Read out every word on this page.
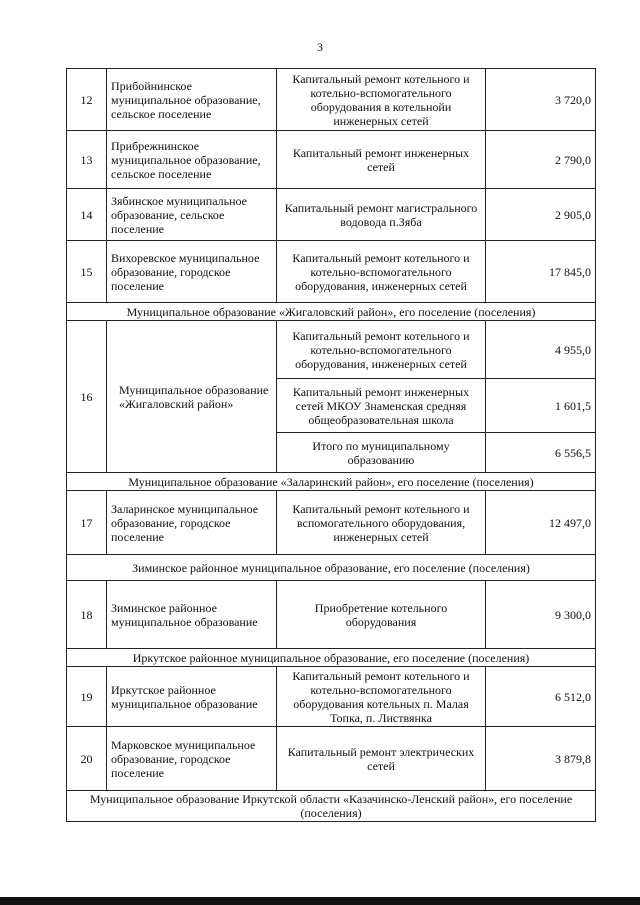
3
12	Прибойнинское муниципальное образование, сельское поселение	Капитальный ремонт котельного и котельно-вспомогательного оборудования в котельнойи инженерных сетей	3 720,0
13	Прибрежнинское муниципальное образование, сельское поселение	Капитальный ремонт инженерных сетей	2 790,0
14	Зябинское муниципальное образование, сельское поселение	Капитальный ремонт магистрального водовода п.Зяба	2 905,0
15	Вихоревское муниципальное образование, городское поселение	Капитальный ремонт котельного и котельно-вспомогательного оборудования, инженерных сетей	17 845,0
Муниципальное образование «Жигаловский район», его поселение (поселения)			
16	Муниципальное образование «Жигаловский район»	Капитальный ремонт котельного и котельно-вспомогательного оборудования, инженерных сетей	4 955,0
		Капитальный ремонт инженерных сетей МКОУ Знаменская средняя общеобразовательная школа	1 601,5
		Итого по муниципальному образованию	6 556,5
Муниципальное образование «Заларинский район», его поселение (поселения)			
17	Заларинское муниципальное образование, городское поселение	Капитальный ремонт котельного и вспомогательного оборудования, инженерных сетей	12 497,0
Зиминское районное муниципальное образование, его поселение (поселения)			
18	Зиминское районное муниципальное образование	Приобретение котельного оборудования	9 300,0
Иркутское районное муниципальное образование, его поселение (поселения)			
19	Иркутское районное муниципальное образование	Капитальный ремонт котельного и котельно-вспомогательного оборудования котельных п. Малая Топка, п. Листвянка	6 512,0
20	Марковское муниципальное образование, городское поселение	Капитальный ремонт электрических сетей	3 879,8
Муниципальное образование Иркутской области «Казачинско-Ленский район», его поселение (поселения)			
